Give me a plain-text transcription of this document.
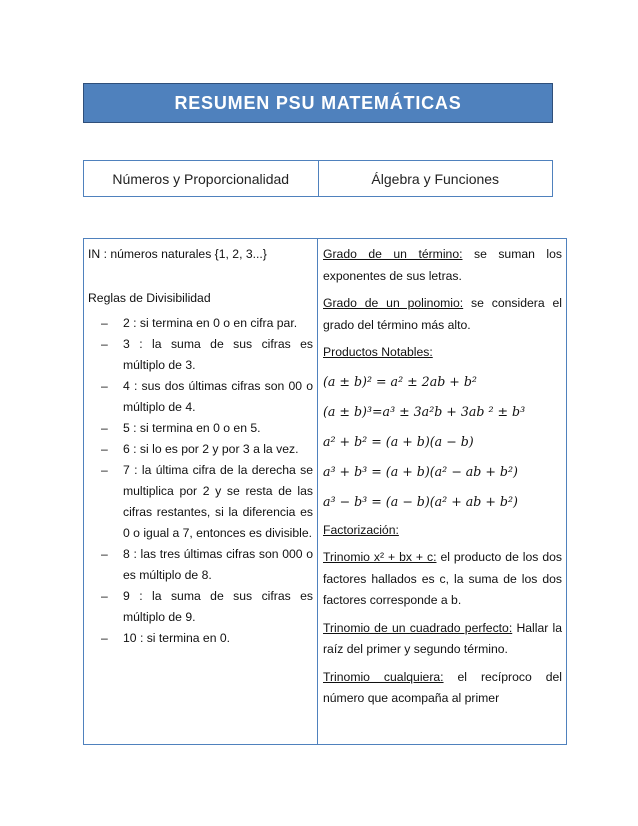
RESUMEN PSU MATEMÁTICAS
Números y Proporcionalidad	Álgebra y Funciones

IN : números naturales {1, 2, 3...}

Reglas de Divisibilidad

– 2 : si termina en 0 o en cifra par.
– 3 : la suma de sus cifras es múltiplo de 3.
– 4 : sus dos últimas cifras son 00 o múltiplo de 4.
– 5 : si termina en 0 o en 5.
– 6 : si lo es por 2 y por 3 a la vez.
– 7 : la última cifra de la derecha se multiplica por 2 y se resta de las cifras restantes, si la diferencia es 0 o igual a 7, entonces es divisible.
– 8 : las tres últimas cifras son 000 o es múltiplo de 8.
– 9 : la suma de sus cifras es múltiplo de 9.
– 10 : si termina en 0.

Grado de un término: se suman los exponentes de sus letras.

Grado de un polinomio: se considera el grado del término más alto.

Productos Notables:

(a ± b)² = a² ± 2ab + b²

(a ± b)³=a³ ± 3a²b + 3ab ² ± b³

a² + b² = (a + b)(a − b)

a³ + b³ = (a + b)(a² − ab + b²)

a³ − b³ = (a − b)(a² + ab + b²)

Factorización:

Trinomio x² + bx + c: el producto de los dos factores hallados es c, la suma de los dos factores corresponde a b.

Trinomio de un cuadrado perfecto: Hallar la raíz del primer y segundo término.

Trinomio cualquiera: el recíproco del número que acompaña al primer
